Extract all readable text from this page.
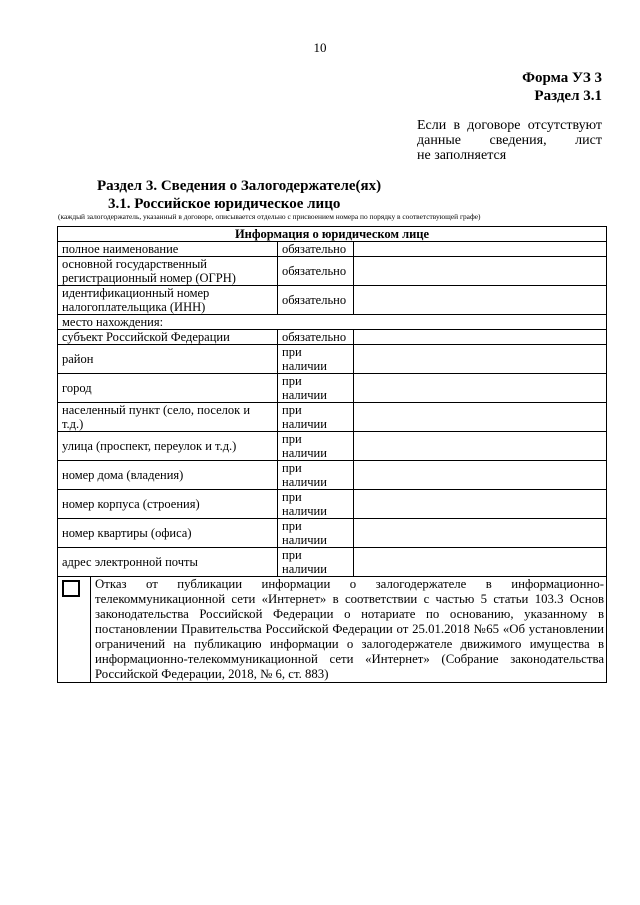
10
Форма УЗ 3
Раздел 3.1
Если в договоре отсутствуют
данные сведения, лист
не заполняется
Раздел 3. Сведения о Залогодержателе(ях)
3.1. Российское юридическое лицо
(каждый залогодержатель, указанный в договоре, описывается отдельно с присвоением номера по порядку в соответствующей графе)
Информация о юридическом лице		
полное наименование	обязательно	
основной государственный регистрационный номер (ОГРН)	обязательно	
идентификационный номер налогоплательщика (ИНН)	обязательно	
место нахождения:		
субъект Российской Федерации	обязательно	
район	при наличии	
город	при наличии	
населенный пункт (село, поселок и т.д.)	при наличии	
улица (проспект, переулок и т.д.)	при наличии	
номер дома (владения)	при наличии	
номер корпуса (строения)	при наличии	
номер квартиры (офиса)	при наличии	
адрес электронной почты	при наличии	

Отказ от публикации информации о залогодержателе в информационно-телекоммуникационной сети «Интернет» в соответствии с частью 5 статьи 103.3 Основ законодательства Российской Федерации о нотариате по основанию, указанному в постановлении Правительства Российской Федерации от 25.01.2018 №65 «Об установлении ограничений на публикацию информации о залогодержателе движимого имущества в информационно-телекоммуникационной сети «Интернет» (Собрание законодательства Российской Федерации, 2018, № 6, ст. 883)		
